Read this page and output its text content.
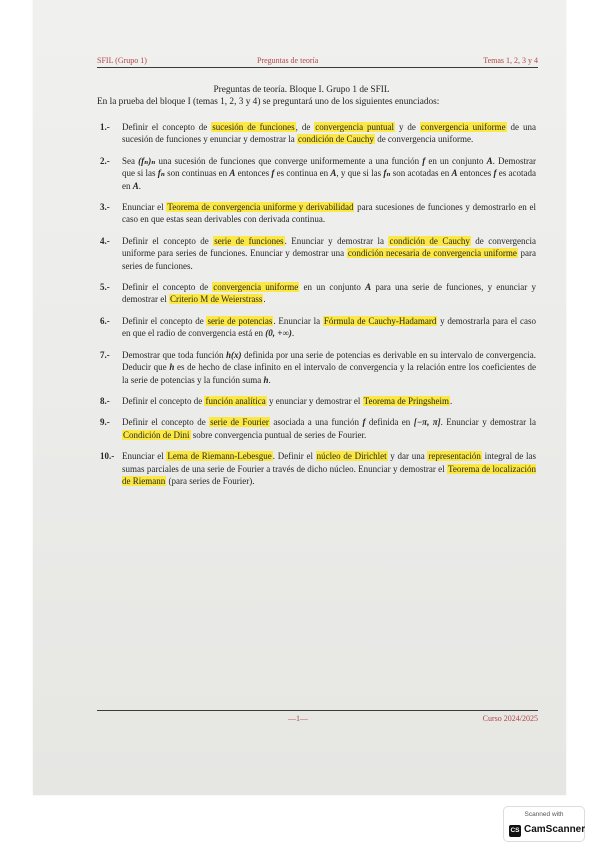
SFIL (Grupo 1)	Preguntas de teoría	Temas 1, 2, 3 y 4
Preguntas de teoría. Bloque I. Grupo 1 de SFIL
En la prueba del bloque I (temas 1, 2, 3 y 4) se preguntará uno de los siguientes enunciados:
1.- Definir el concepto de sucesión de funciones, de convergencia puntual y de convergencia uniforme de una sucesión de funciones y enunciar y demostrar la condición de Cauchy de convergencia uniforme.
2.- Sea (fₙ)ₙ una sucesión de funciones que converge uniformemente a una función f en un conjunto A. Demostrar que si las fₙ son continuas en A entonces f es continua en A, y que si las fₙ son acotadas en A entonces f es acotada en A.
3.- Enunciar el Teorema de convergencia uniforme y derivabilidad para sucesiones de funciones y demostrarlo en el caso en que estas sean derivables con derivada continua.
4.- Definir el concepto de serie de funciones. Enunciar y demostrar la condición de Cauchy de convergencia uniforme para series de funciones. Enunciar y demostrar una condición necesaria de convergencia uniforme para series de funciones.
5.- Definir el concepto de convergencia uniforme en un conjunto A para una serie de funciones, y enunciar y demostrar el Criterio M de Weierstrass.
6.- Definir el concepto de serie de potencias. Enunciar la Fórmula de Cauchy-Hadamard y demostrarla para el caso en que el radio de convergencia está en (0, +∞).
7.- Demostrar que toda función h(x) definida por una serie de potencias es derivable en su intervalo de convergencia. Deducir que h es de hecho de clase infinito en el intervalo de convergencia y la relación entre los coeficientes de la serie de potencias y la función suma h.
8.- Definir el concepto de función analítica y enunciar y demostrar el Teorema de Pringsheim.
9.- Definir el concepto de serie de Fourier asociada a una función f definida en [−π, π]. Enunciar y demostrar la Condición de Dini sobre convergencia puntual de series de Fourier.
10.- Enunciar el Lema de Riemann-Lebesgue. Definir el núcleo de Dirichlet y dar una representación integral de las sumas parciales de una serie de Fourier a través de dicho núcleo. Enunciar y demostrar el Teorema de localización de Riemann (para series de Fourier).
—1—	Curso 2024/2025
Scanned with
CS CamScanner
